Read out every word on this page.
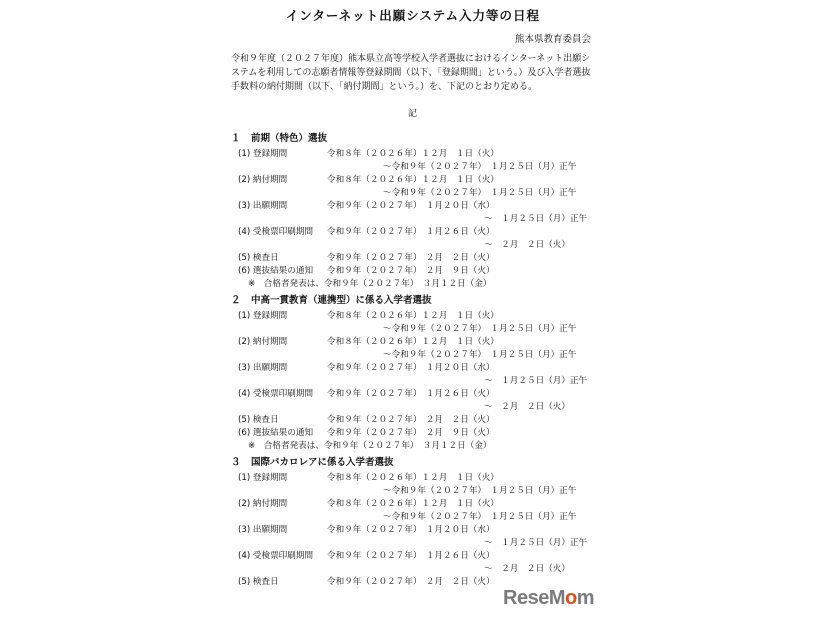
インターネット出願システム入力等の日程
熊本県教育委員会
令和９年度（２０２７年度）熊本県立高等学校入学者選抜におけるインターネット出願シ
ステムを利用しての志願者情報等登録期間（以下、「登録期間」という。）及び入学者選抜
手数料の納付期間（以下、「納付期間」という。）を、下記のとおり定める。
記
１ 前期（特色）選抜
(1) 登録期間	令和８年（２０２６年）１２月　１日（火）
～令和９年（２０２７年）　１月２５日（月）正午
(2) 納付期間	令和８年（２０２６年）１２月　１日（火）
～令和９年（２０２７年）　１月２５日（月）正午
(3) 出願期間	令和９年（２０２７年）　１月２０日（水）
～　１月２５日（月）正午
(4) 受検票印刷期間 令和９年（２０２７年）　１月２６日（火）
～　２月　２日（火）
(5) 検査日	令和９年（２０２７年）　２月　２日（火）
(6) 選抜結果の通知 令和９年（２０２７年）　２月　９日（火）
※　合格者発表は、令和９年（２０２７年）　３月１２日（金）
２ 中高一貫教育（連携型）に係る入学者選抜
(1) 登録期間	令和８年（２０２６年）１２月　１日（火）
～令和９年（２０２７年）　１月２５日（月）正午
(2) 納付期間	令和８年（２０２６年）１２月　１日（火）
～令和９年（２０２７年）　１月２５日（月）正午
(3) 出願期間	令和９年（２０２７年）　１月２０日（水）
～　１月２５日（月）正午
(4) 受検票印刷期間 令和９年（２０２７年）　１月２６日（火）
～　２月　２日（火）
(5) 検査日	令和９年（２０２７年）　２月　２日（火）
(6) 選抜結果の通知 令和９年（２０２７年）　２月　９日（火）
※　合格者発表は、令和９年（２０２７年）　３月１２日（金）
３ 国際バカロレアに係る入学者選抜
(1) 登録期間	令和８年（２０２６年）１２月　１日（火）
～令和９年（２０２７年）　１月２５日（月）正午
(2) 納付期間	令和８年（２０２６年）１２月　１日（火）
～令和９年（２０２７年）　１月２５日（月）正午
(3) 出願期間	令和９年（２０２７年）　１月２０日（水）
～　１月２５日（月）正午
(4) 受検票印刷期間 令和９年（２０２７年）　１月２６日（火）
～　２月　２日（火）
(5) 検査日	令和９年（２０２７年）　２月　２日（火）
ReseMom
